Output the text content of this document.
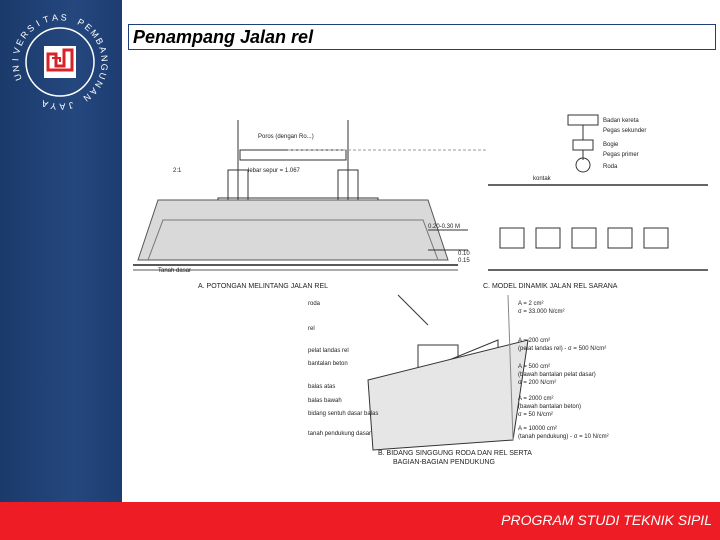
U
N
I
V
E
R
S
I T A S P
E
M
B
A
N
G
U
N
A
N
J
A
Y
A
Penampang Jalan rel
Poros (dengan Ro...)
lebar sepur = 1.067
Tanah dasar
A. POTONGAN MELINTANG JALAN REL	C. MODEL DINAMIK JALAN REL SARANA
0.20-0.30 M
0.10
0.15
2:1
Badan kereta
Pegas sekunder
Bogie
Pegas primer
Roda
kontak
roda
rel
pelat landas rel
bantalan beton
balas atas
balas bawah
bidang sentuh dasar balas
tanah pendukung dasar
A = 2 cm²
σ = 33.000 N/cm²
A = 200 cm²
(pelat landas rel) - σ = 500 N/cm²
A = 500 cm²
(bawah bantalan pelat dasar)
σ = 200 N/cm²
A = 2000 cm²
(bawah bantalan beton)
σ = 50 N/cm²
A = 10000 cm²
(tanah pendukung) - σ = 10 N/cm²
B. BIDANG SINGGUNG RODA DAN REL SERTA
BAGIAN-BAGIAN PENDUKUNG
PROGRAM STUDI TEKNIK SIPIL
